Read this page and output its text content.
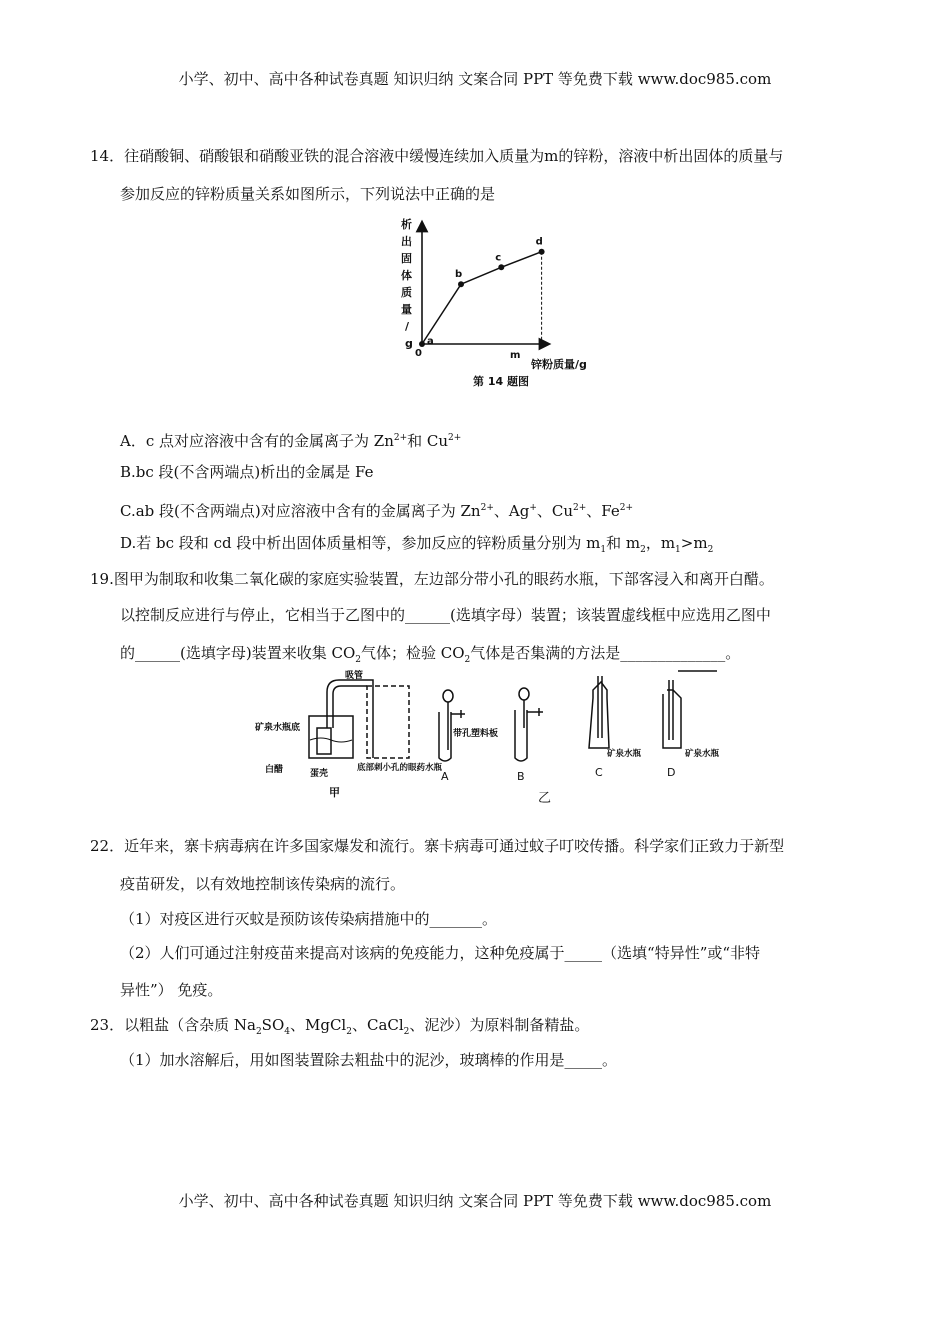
小学、初中、高中各种试卷真题 知识归纳 文案合同 PPT 等免费下载 www.doc985.com
14．往硝酸铜、硝酸银和硝酸亚铁的混合溶液中缓慢连续加入质量为m的锌粉，溶液中析出固体的质量与
参加反应的锌粉质量关系如图所示，下列说法中正确的是
析出固体质量/ g
0	m
锌粉质量/g
第 14 题图
a
b
c
d
A．c 点对应溶液中含有的金属离子为 $Zn^{2+}$和 $Cu^{2+}$
B.bc 段(不含两端点)析出的金属是 Fe
C.ab 段(不含两端点)对应溶液中含有的金属离子为 $Zn^{2+}$、Ag+、$Cu^{2+}$、$Fe^{2+}$
D.若 bc 段和 cd 段中析出固体质量相等，参加反应的锌粉质量分别为 $m_1$和 $m_2$，$m_1>m_2$
19.图甲为制取和收集二氧化碳的家庭实验装置，左边部分带小孔的眼药水瓶，下部客浸入和离开白醋。
以控制反应进行与停止，它相当于乙图中的______(选填字母）装置；该装置虚线框中应选用乙图中
的______(选填字母)装置来收集 $CO_2$气体；检验 $CO_2$气体是否集满的方法是______________。
吸管
矿泉水瓶底
白醋	蛋壳
底部刺小孔的眼药水瓶
甲
带孔塑料板
A	B
矿泉水瓶
C
矿泉水瓶
D
乙
22．近年来，寨卡病毒病在许多国家爆发和流行。寨卡病毒可通过蚊子叮咬传播。科学家们正致力于新型
疫苗研发，以有效地控制该传染病的流行。
（1）对疫区进行灭蚊是预防该传染病措施中的_______。
（2）人们可通过注射疫苗来提高对该病的免疫能力，这种免疫属于_____（选填“特异性”或“非特
异性”） 免疫。
23．以粗盐（含杂质 $Na_2SO_4$、MgCl$_2$、CaCl$_2$、泥沙）为原料制备精盐。
（1）加水溶解后，用如图装置除去粗盐中的泥沙，玻璃棒的作用是_____。
小学、初中、高中各种试卷真题 知识归纳 文案合同 PPT 等免费下载 www.doc985.com
